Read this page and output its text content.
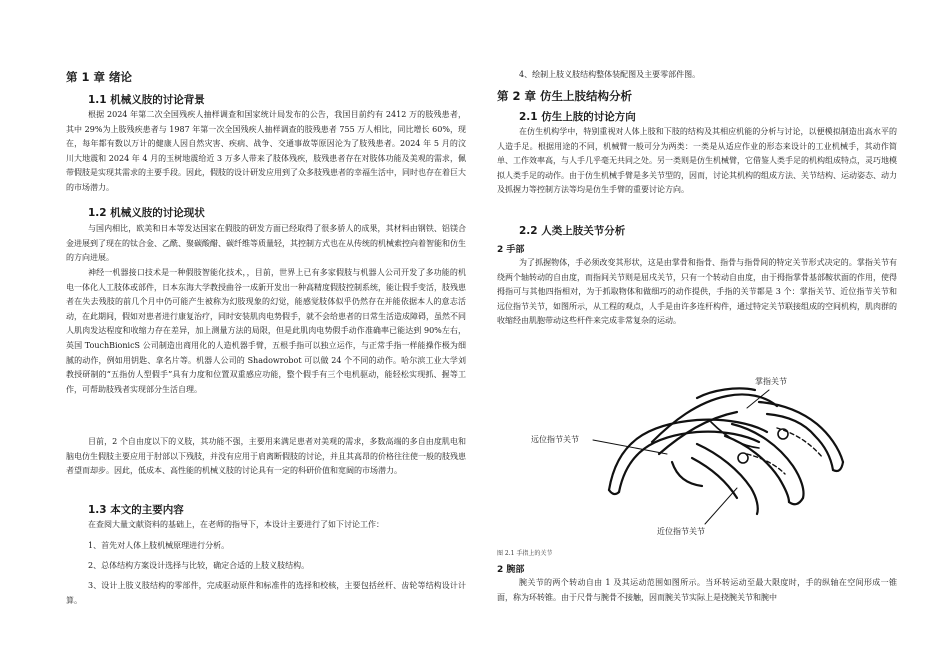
第 1 章 绪论
1.1 机械义肢的讨论背景

根据 2024 年第二次全国残疾人抽样调查和国家统计局发布的公告，我国目前约有 2412 万的肢残患者，其中 29%为上肢残疾患者与 1987 年第一次全国残疾人抽样调查的肢残患者 755 万人相比，同比增长 60%，现在，每年都有数以万计的健康人因自然灾害、疾病、战争、交通事故等原因沦为了肢残患者。2024 年 5 月的汶川大地震和 2024 年 4 月的玉树地震给近 3 万多人带来了肢体残疾，肢残患者存在对肢体功能及美观的需求，佩带假肢是实现其需求的主要手段。因此，假肢的设计研发应用到了众多肢残患者的幸福生活中，同时也存在着巨大的市场潜力。

1.2 机械义肢的讨论现状

与国内相比，欧美和日本等发达国家在假肢的研发方面已经取得了很多骄人的成果，其材料由钢铁、铝镁合金进展到了现在的钛合金、乙酰、聚碳酸醋、碳纤维等质量轻，其控制方式也在从传统的机械索控向着智能和仿生的方向进展。

神经一机器接口技术是一种假肢智能化技术，，目前，世界上已有多家假肢与机器人公司开发了多功能的机电一体化人工肢体或部件，日本东海大学教授曲谷一成新开发出一种高精度假肢控制系统，能让假手变活，肢残患者在失去残肢的前几个月中仍可能产生被称为幻肢现象的幻觉，能感觉肢体似乎仍然存在并能依据本人的意志活动，在此期间，假如对患者进行康复治疗，同时安装肌肉电势假手，就不会给患者的日常生活造成障碍，虽然不同人肌肉发达程度和收缩力存在差异，加上测量方法的局限，但是此肌肉电势假手动作准确率已能达到 90%左右，英国 TouchBionicS 公司制造出商用化的人造机器手臂，五根手指可以独立运作，与正常手指一样能操作极为细腻的动作，例如用钥匙、拿名片等。机器人公司的 Shadowrobot 可以做 24 个不同的动作。哈尔滨工业大学刘教授研制的“五指仿人型假手”具有力度和位置双重感应功能，整个假手有三个电机驱动，能轻松实现抓、握等工作，可帮助肢残者实现部分生活自理。

目前，2 个自由度以下的义肢，其功能不强，主要用来满足患者对美观的需求，多数高端的多自由度肌电和脑电仿生假肢主要应用于肘部以下残肢，并没有应用于肩离断假肢的讨论，并且其高昂的价格往往使一般的肢残患者望而却步。因此，低成本、高性能的机械义肢的讨论具有一定的科研价值和宽阔的市场潜力。

1.3 本文的主要内容

在查阅大量文献资料的基础上，在老师的指导下，本设计主要进行了如下讨论工作：

1、首先对人体上肢机械原理进行分析。

2、总体结构方案设计选择与比较，确定合适的上肢义肢结构。

3、设计上肢义肢结构的零部件，完成驱动原件和标准件的选择和校核，主要包括丝杆、齿轮等结构设计计算。

4、绘制上肢义肢结构整体装配图及主要零部件图。

第 2 章 仿生上肢结构分析
2.1 仿生上肢的讨论方向

在仿生机构学中，特别重视对人体上肢和下肢的结构及其相应机能的分析与讨论，以便模拟制造出高水平的人造手足。根据用途的不同，机械臂一般可分为两类：一类是从适应作业的形态来设计的工业机械手，其动作简单、工作效率高，与人手几乎毫无共同之处。另一类则是仿生机械臂，它借鉴人类手足的机构组成特点，灵巧地模拟人类手足的动作。由于仿生机械手臂是多关节型的，因而，讨论其机构的组成方法、关节结构、运动姿态、动力及抓握力等控制方法等均是仿生手臂的重要讨论方向。

2.2 人类上肢关节分析
2 手部

为了抓握物体，手必须改变其形状，这是由掌骨和指骨、指骨与指骨间的特定关节形式决定的。掌指关节有绕两个轴转动的自由度，而指间关节则是屈戌关节，只有一个转动自由度，由于拇指掌骨基部鞍状面的作用，使得拇指可与其他四指相对，为于抓取物体和做细巧的动作提供，手指的关节都是 3 个：掌指关节、近位指节关节和远位指节关节，如图所示，从工程的观点，人手是由许多连杆构件，通过特定关节联接组成的空间机构，肌肉群的收缩经由肌胞带动这些杆件来完成非常复杂的运动。

掌指关节
远位指节关节
近位指节关节
图 2.1 手指上的关节
2 腕部

腕关节的两个转动自由 1 及其运动范围如图所示。当环转运动至最大限度时，手的纵轴在空间形成一锥面，称为环转锥。由于尺骨与腕骨不接触，因而腕关节实际上是挠腕关节和腕中
